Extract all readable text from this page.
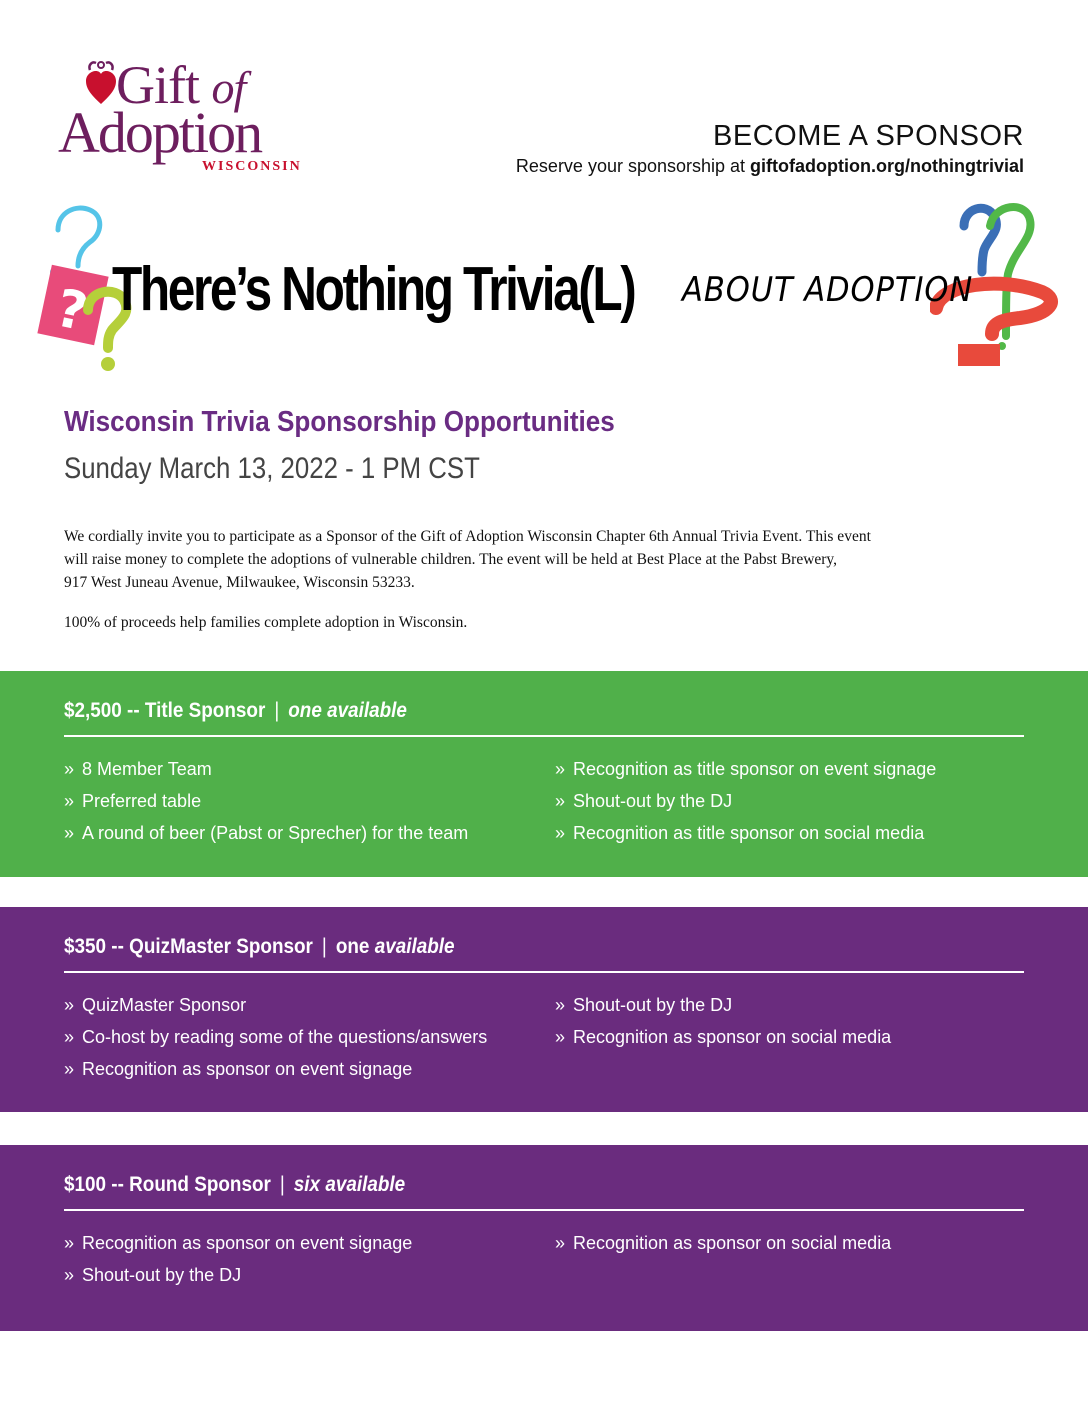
Gift of
Adoption
WISCONSIN
BECOME A SPONSOR
Reserve your sponsorship at giftofadoption.org/nothingtrivial
? There’s Nothing Trivia(L) ABOUT ADOPTION
Wisconsin Trivia Sponsorship Opportunities
Sunday March 13, 2022 - 1 PM CST

We cordially invite you to participate as a Sponsor of the Gift of Adoption Wisconsin Chapter 6th Annual Trivia Event. This event

will raise money to complete the adoptions of vulnerable children. The event will be held at Best Place at the Pabst Brewery,

917 West Juneau Avenue, Milwaukee, Wisconsin 53233.

100% of proceeds help families complete adoption in Wisconsin.

$2,500 -- Title Sponsor | one available
» 8 Member Team
» Preferred table
» A round of beer (Pabst or Sprecher) for the team
» Recognition as title sponsor on event signage
» Shout-out by the DJ
» Recognition as title sponsor on social media
$350 -- QuizMaster Sponsor | one available
» QuizMaster Sponsor
» Co-host by reading some of the questions/answers
» Recognition as sponsor on event signage
» Shout-out by the DJ
» Recognition as sponsor on social media
$100 -- Round Sponsor | six available
» Recognition as sponsor on event signage
» Shout-out by the DJ
» Recognition as sponsor on social media
